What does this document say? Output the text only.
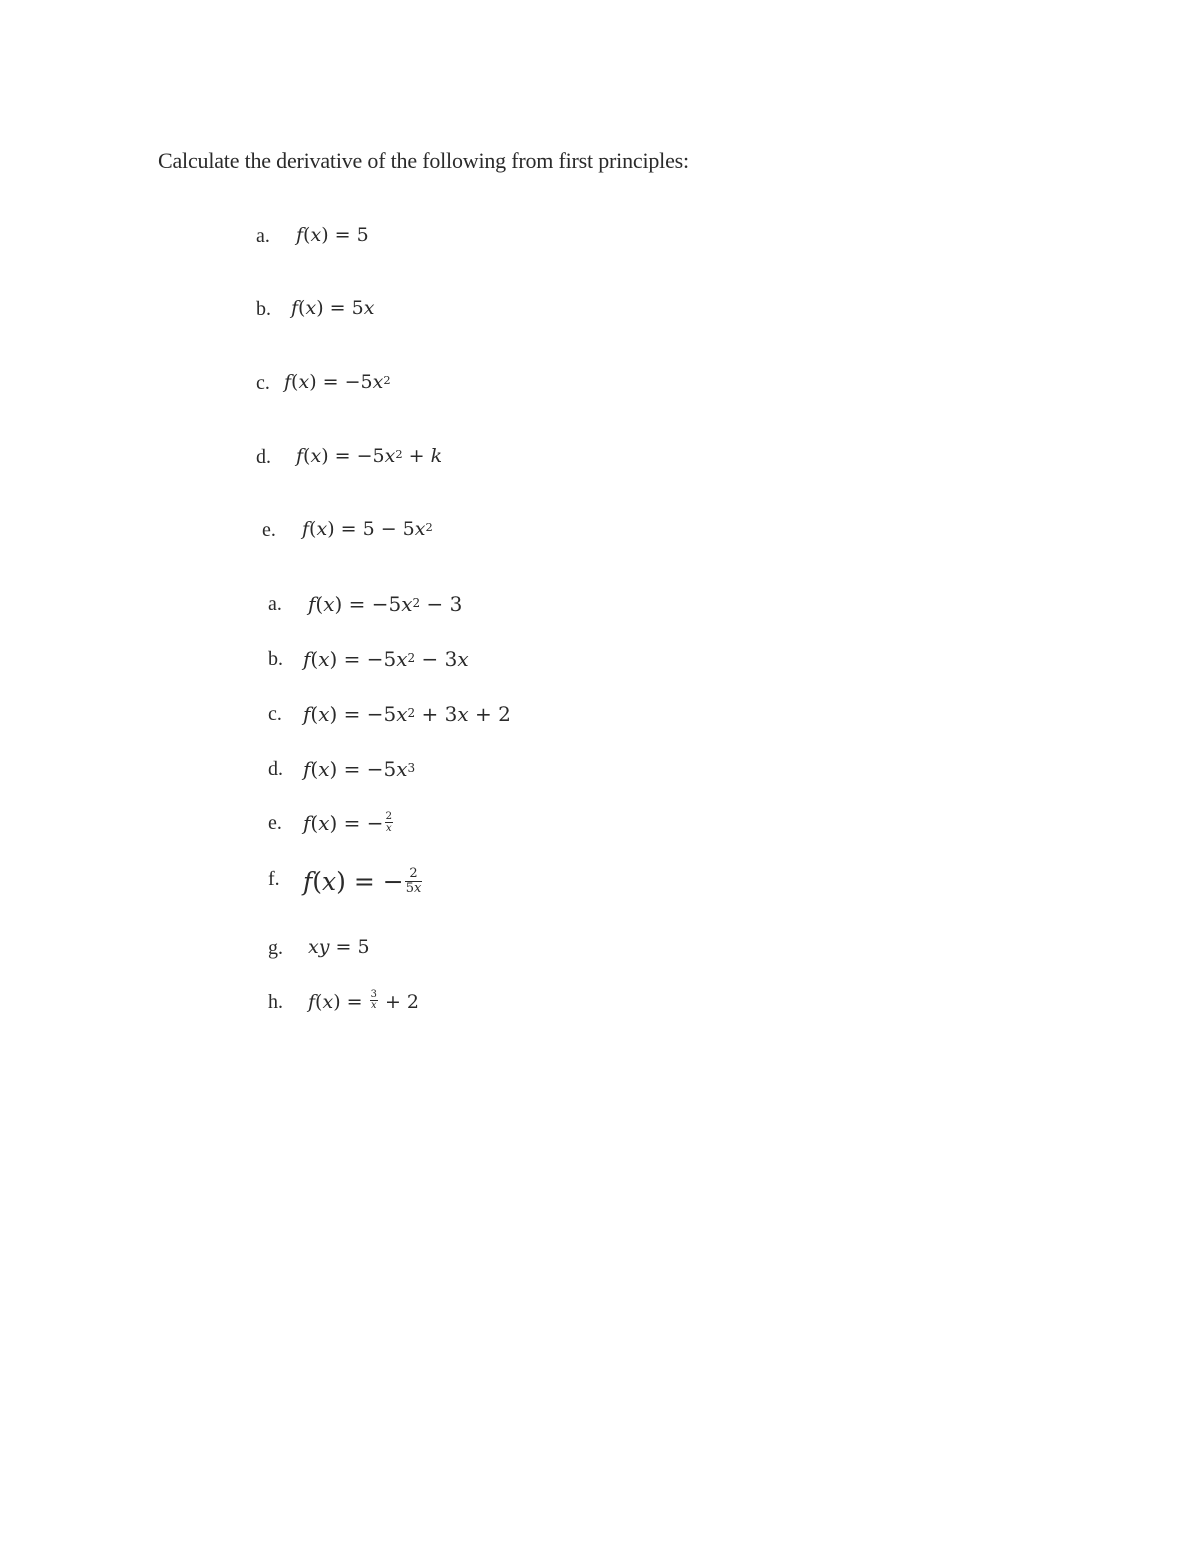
Calculate the derivative of the following from first principles:
a. f(x) = 5
b. f(x) = 5x
c. $f(x) = -5x^2$
d. $f(x) = -5x^2 + k$
e. $f(x) = 5 - 5x^2$
a. $f(x) = -5x^2 - 3$
b. $f(x) = -5x^2 - 3x$
c. $f(x) = -5x^2 + 3x + 2$
d. $f(x) = -5x^3$
e. f(x) = − $\frac{2}{x}$
f. f(x) = − $\frac{2}{5x}$
g. xy = 5
h. $f(x) = \frac{3}{x} + 2$
